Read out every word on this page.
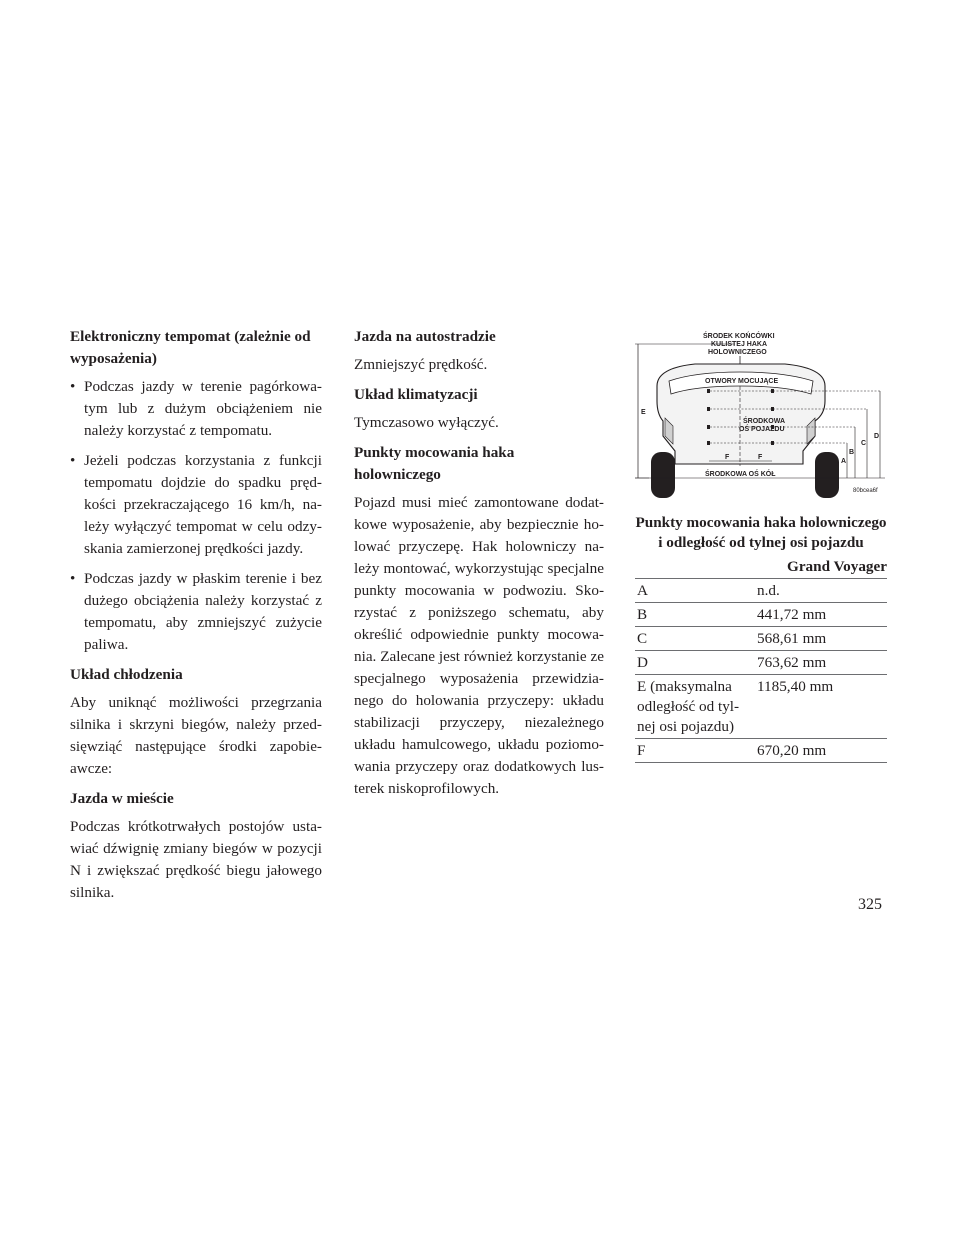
Elektroniczny tempomat (zależnie od wyposażenia)
• Podczas jazdy w terenie pagórkowa-tym lub z dużym obciążeniem nie należy korzystać z tempomatu.
• Jeżeli podczas korzystania z funkcji tempomatu dojdzie do spadku pręd-kości przekraczającego 16 km/h, na-leży wyłączyć tempomat w celu odzy-skania zamierzonej prędkości jazdy.
• Podczas jazdy w płaskim terenie i bez dużego obciążenia należy korzystać z tempomatu, aby zmniejszyć zużycie paliwa.
Układ chłodzenia
Aby uniknąć możliwości przegrzania silnika i skrzyni biegów, należy przed-sięwziąć następujące środki zapobie-awcze:
Jazda w mieście
Podczas krótkotrwałych postojów usta-wiać dźwignię zmiany biegów w pozycji N i zwiększać prędkość biegu jałowego silnika.
Jazda na autostradzie
Zmniejszyć prędkość.
Układ klimatyzacji
Tymczasowo wyłączyć.
Punkty mocowania haka holowniczego
Pojazd musi mieć zamontowane dodat-kowe wyposażenie, aby bezpiecznie ho-lować przyczepę. Hak holowniczy na-leży montować, wykorzystując specjalne punkty mocowania w podwoziu. Sko-rzystać z poniższego schematu, aby określić odpowiednie punkty mocowa-nia. Zalecane jest również korzystanie ze specjalnego wyposażenia przewidzia-nego do holowania przyczepy: układu stabilizacji przyczepy, niezależnego układu hamulcowego, układu poziomo-wania przyczepy oraz dodatkowych lus-terek niskoprofilowych.
ŚRODEK KOŃCÓWKI
KULISTEJ HAKA
HOLOWNICZEGO
E
OTWORY MOCUJĄCE
ŚRODKOWA
OŚ POJAZDU
F	F
ŚRODKOWA OŚ KÓŁ
A
B
C
D
80bcea6f
Punkty mocowania haka holowniczego i odległość od tylnej osi pojazdu
	Grand Voyager
A	n.d.
B	441,72 mm
C	568,61 mm
D	763,62 mm
E (maksymalna odległość od tyl-nej osi pojazdu)	1185,40 mm
F	670,20 mm
325
